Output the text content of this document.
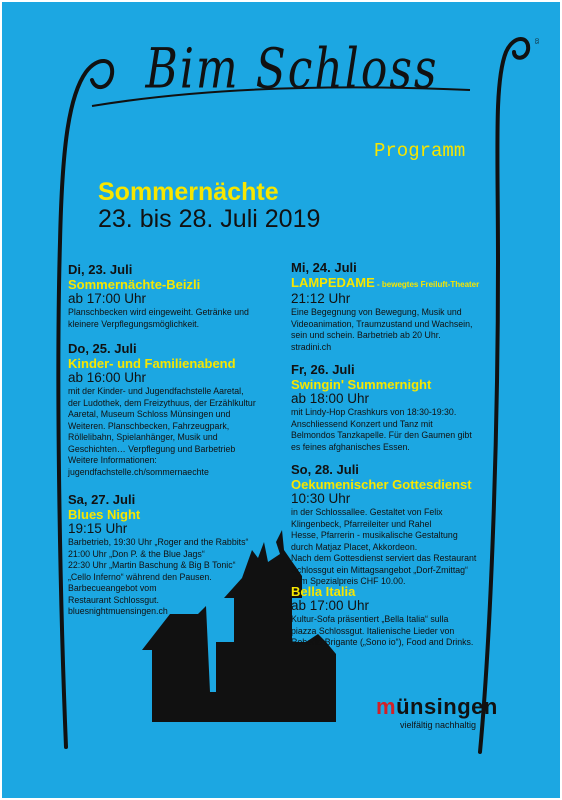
03
Bim Schloss
Programm
Sommernächte
23. bis 28. Juli 2019
Di, 23. Juli
Sommernächte-Beizli
ab 17:00 Uhr
Planschbecken wird eingeweiht. Getränke und
kleinere Verpflegungsmöglichkeit.
Do, 25. Juli
Kinder- und Familienabend
ab 16:00 Uhr
mit der Kinder- und Jugendfachstelle Aaretal,
der Ludothek, dem Freizythuus, der Erzählkultur
Aaretal, Museum Schloss Münsingen und
Weiteren. Planschbecken, Fahrzeugpark,
Röllelibahn, Spielanhänger, Musik und
Geschichten… Verpflegung und Barbetrieb
Weitere Informationen:
jugendfachstelle.ch/sommernaechte
Sa, 27. Juli
Blues Night
19:15 Uhr
Barbetrieb, 19:30 Uhr „Roger and the Rabbits“
21:00 Uhr „Don P. & the Blue Jags“
22:30 Uhr „Martin Baschung & Big B Tonic“
„Cello Inferno“ während den Pausen.
Barbecueangebot vom
Restaurant Schlossgut.
bluesnightmuensingen.ch
Mi, 24. Juli
LAMPEDAME - bewegtes Freiluft-Theater
21:12 Uhr
Eine Begegnung von Bewegung, Musik und
Videoanimation, Traumzustand und Wachsein,
sein und schein. Barbetrieb ab 20 Uhr.
stradini.ch
Fr, 26. Juli
Swingin' Summernight
ab 18:00 Uhr
mit Lindy-Hop Crashkurs von 18:30-19:30.
Anschliessend Konzert und Tanz mit
Belmondos Tanzkapelle. Für den Gaumen gibt
es feines afghanisches Essen.
So, 28. Juli
Oekumenischer Gottesdienst
10:30 Uhr
in der Schlossallee. Gestaltet von Felix
Klingenbeck, Pfarreileiter und Rahel
Hesse, Pfarrerin - musikalische Gestaltung
durch Matjaz Placet, Akkordeon.
Nach dem Gottesdienst serviert das Restaurant
Schlossgut ein Mittagsangebot „Dorf-Zmittag“
zum Spezialpreis CHF 10.00.
Bella Italia
ab 17:00 Uhr
Kultur-Sofa präsentiert „Bella Italia“ sulla
piazza Schlossgut. Italienische Lieder von
Roberto Brigante („Sono io“), Food and Drinks.
münsingen
vielfältig nachhaltig
